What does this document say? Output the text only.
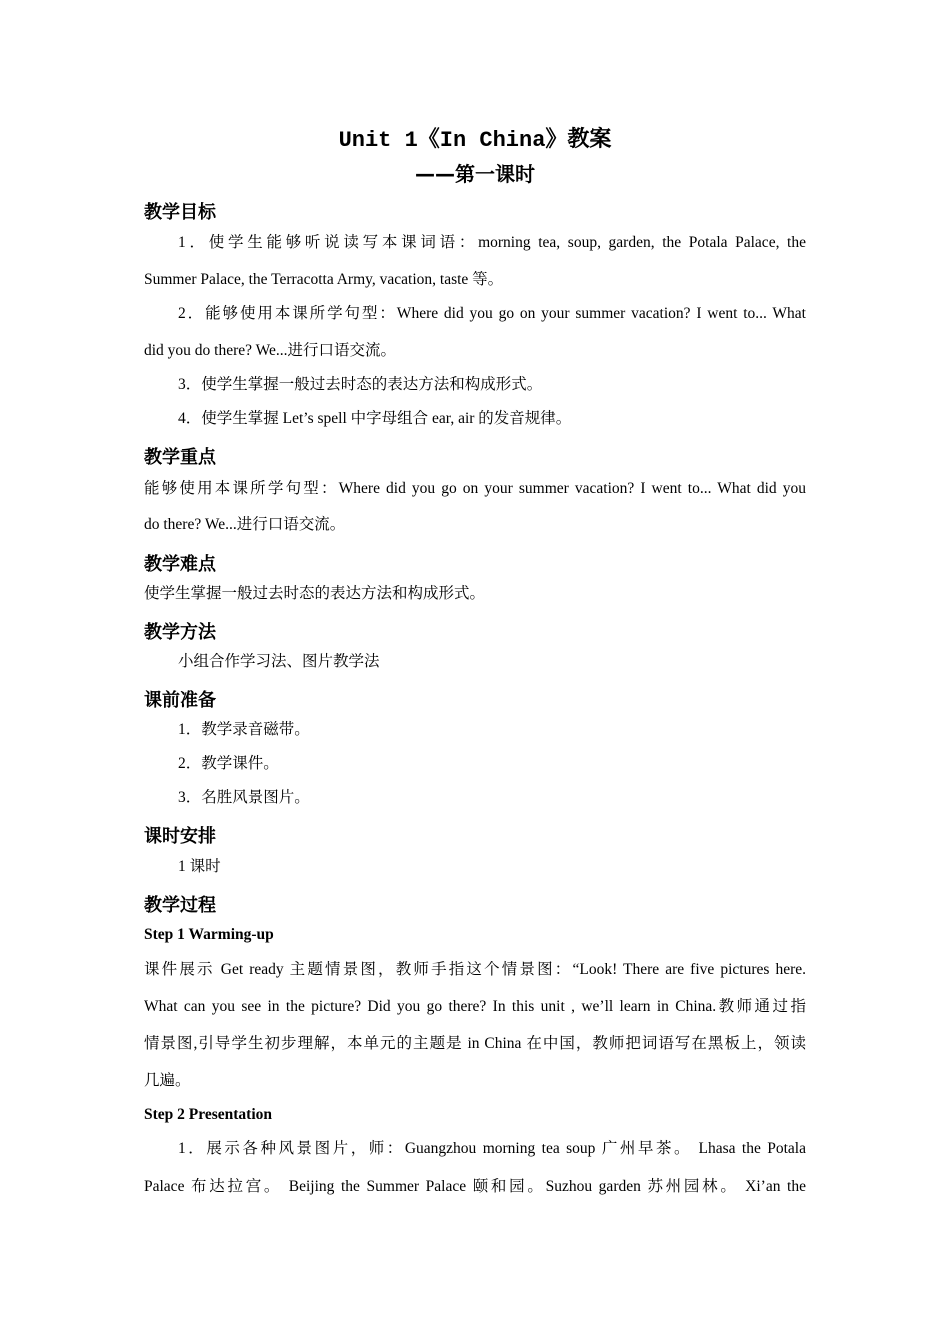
Unit 1《In China》教案
——第一课时
教学目标
1．使学生能够听说读写本课词语：morning tea, soup, garden, the Potala Palace, the
Summer Palace, the Terracotta Army, vacation, taste 等。
2．能够使用本课所学句型：Where did you go on your summer vacation? I went to... What
did you do there? We...进行口语交流。
3．使学生掌握一般过去时态的表达方法和构成形式。
4．使学生掌握 Let’s spell 中字母组合 ear, air 的发音规律。
教学重点
能够使用本课所学句型：Where did you go on your summer vacation? I went to... What did you
do there? We...进行口语交流。
教学难点
使学生掌握一般过去时态的表达方法和构成形式。
教学方法
小组合作学习法、图片教学法
课前准备
1．教学录音磁带。
2．教学课件。
3．名胜风景图片。
课时安排
1 课时
教学过程
Step 1 Warming-up
课件展示 Get ready 主题情景图，教师手指这个情景图：“Look! There are five pictures here.
What can you see in the picture? Did you go there? In this unit , we’ll learn in China.教师通过指
情景图,引导学生初步理解，本单元的主题是 in China 在中国，教师把词语写在黑板上，领读
几遍。
Step 2 Presentation
1．展示各种风景图片，师：Guangzhou morning tea soup 广州早茶。 Lhasa the Potala
Palace 布达拉宫。 Beijing the Summer Palace 颐和园。Suzhou garden 苏州园林。 Xi’an the
